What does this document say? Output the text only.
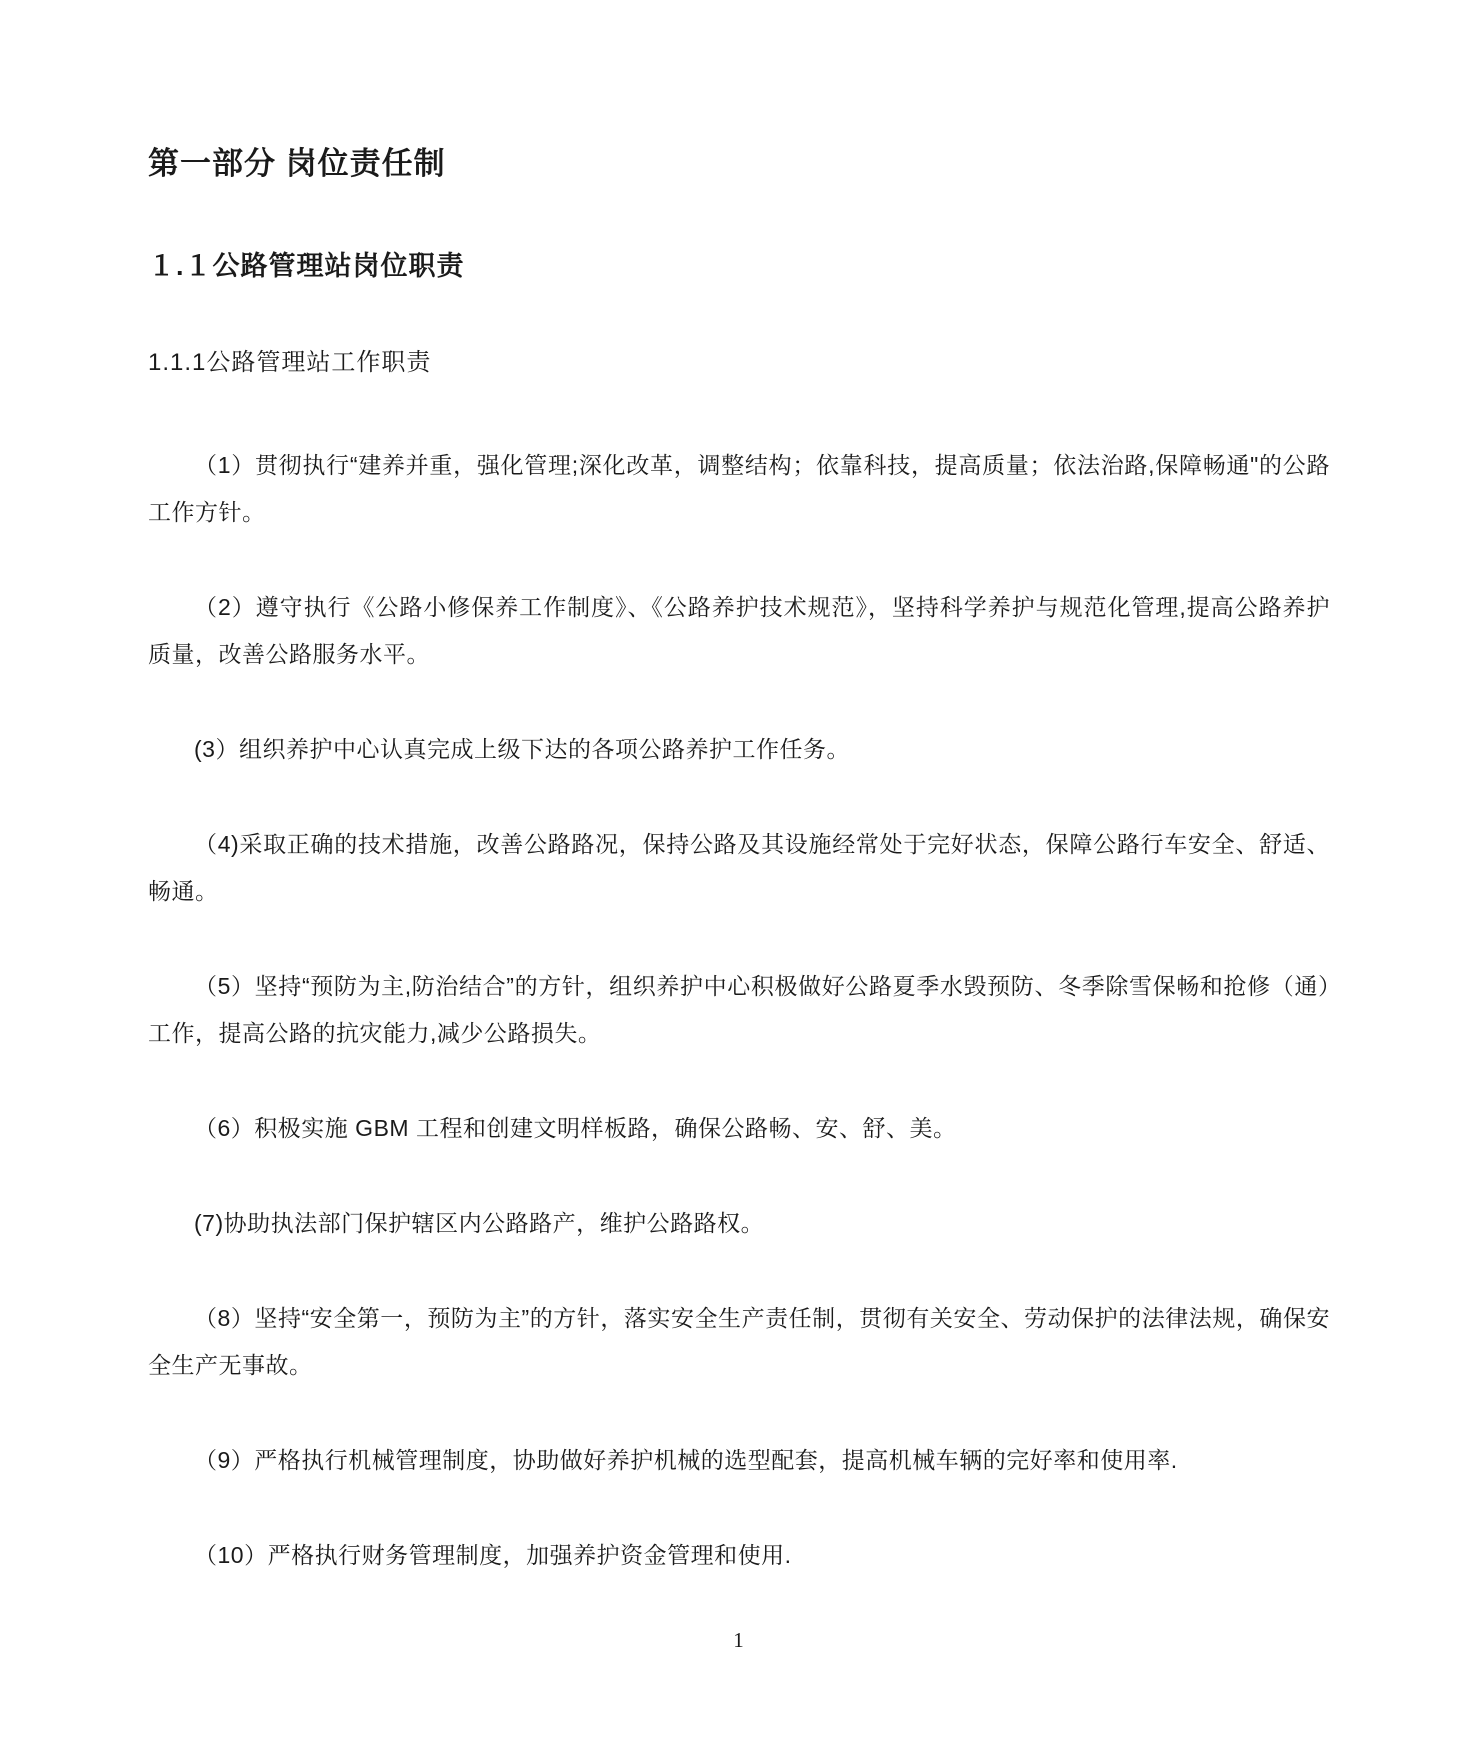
第一部分 岗位责任制
１.１公路管理站岗位职责
1.1.1公路管理站工作职责

（1）贯彻执行“建养并重，强化管理;深化改革，调整结构；依靠科技，提高质量；依法治路,保障畅通"的公路工作方针。

（2）遵守执行《公路小修保养工作制度》、《公路养护技术规范》，坚持科学养护与规范化管理,提高公路养护质量，改善公路服务水平。

(3）组织养护中心认真完成上级下达的各项公路养护工作任务。

（4)采取正确的技术措施，改善公路路况，保持公路及其设施经常处于完好状态，保障公路行车安全、舒适、畅通。

（5）坚持“预防为主,防治结合”的方针，组织养护中心积极做好公路夏季水毁预防、冬季除雪保畅和抢修（通）工作，提高公路的抗灾能力,减少公路损失。

（6）积极实施 GBM 工程和创建文明样板路，确保公路畅、安、舒、美。

(7)协助执法部门保护辖区内公路路产，维护公路路权。

（8）坚持“安全第一，预防为主”的方针，落实安全生产责任制，贯彻有关安全、劳动保护的法律法规，确保安全生产无事故。

（9）严格执行机械管理制度，协助做好养护机械的选型配套，提高机械车辆的完好率和使用率.

（10）严格执行财务管理制度，加强养护资金管理和使用.

1
